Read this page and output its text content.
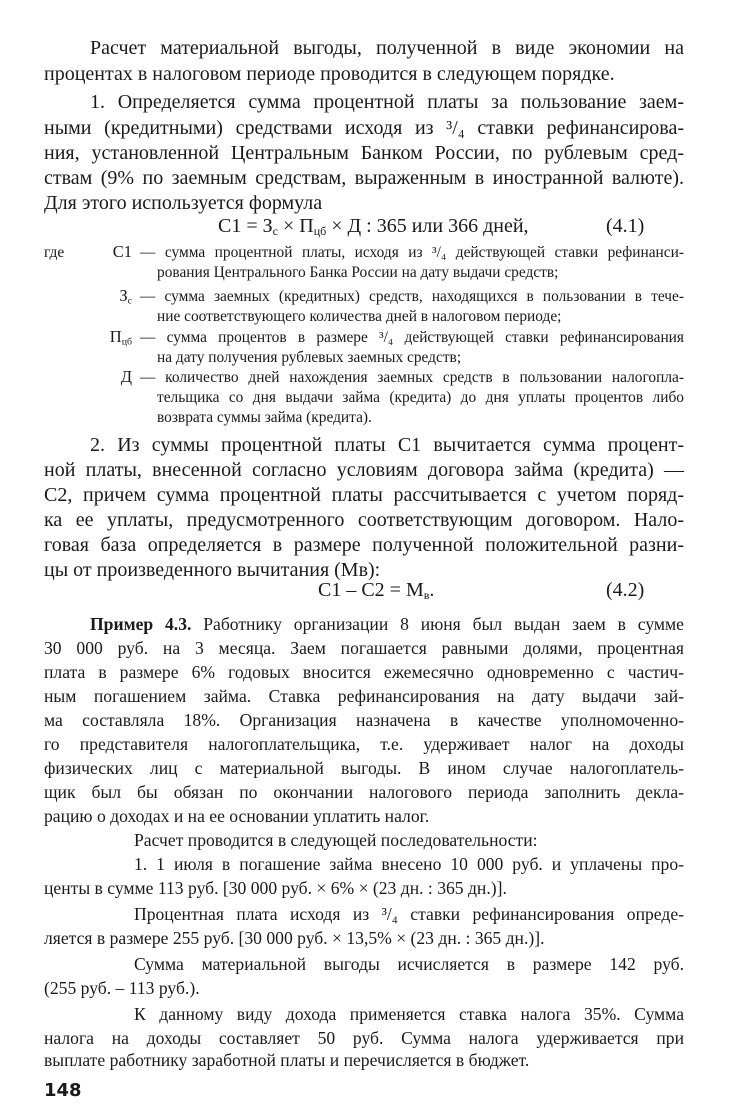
Расчет материальной выгоды, полученной в виде экономии на
процентах в налоговом периоде проводится в следующем порядке.
1. Определяется сумма процентной платы за пользование заем-
ными (кредитными) средствами исходя из ³/₄ ставки рефинансирова-
ния, установленной Центральным Банком России, по рублевым сред-
ствам (9% по заемным средствам, выраженным в иностранной валюте).
Для этого используется формула
$С1 = З_с \times П_{цб} \times Д$ : 365 или 366 дней,	(4.1)
где	С1 — сумма процентной платы, исходя из ³/₄ действующей ставки рефинанси-
рования Центрального Банка России на дату выдачи средств;
$З_с$ — сумма заемных (кредитных) средств, находящихся в пользовании в тече-
ние соответствующего количества дней в налоговом периоде;
$П_{цб}$ — сумма процентов в размере ³/₄ действующей ставки рефинансирования
на дату получения рублевых заемных средств;
Д — количество дней нахождения заемных средств в пользовании налогопла-
тельщика со дня выдачи займа (кредита) до дня уплаты процентов либо
возврата суммы займа (кредита).
2. Из суммы процентной платы С1 вычитается сумма процент-
ной платы, внесенной согласно условиям договора займа (кредита) —
С2, причем сумма процентной платы рассчитывается с учетом поряд-
ка ее уплаты, предусмотренного соответствующим договором. Нало-
говая база определяется в размере полученной положительной разни-
цы от произведенного вычитания (Мв):
$С1 - С2 = М_в$.	(4.2)
Пример 4.3. Работнику организации 8 июня был выдан заем в сумме
30 000 руб. на 3 месяца. Заем погашается равными долями, процентная
плата в размере 6% годовых вносится ежемесячно одновременно с частич-
ным погашением займа. Ставка рефинансирования на дату выдачи зай-
ма составляла 18%. Организация назначена в качестве уполномоченно-
го представителя налогоплательщика, т.е. удерживает налог на доходы
физических лиц с материальной выгоды. В ином случае налогоплатель-
щик был бы обязан по окончании налогового периода заполнить декла-
рацию о доходах и на ее основании уплатить налог.
Расчет проводится в следующей последовательности:
1. 1 июля в погашение займа внесено 10 000 руб. и уплачены про-
центы в сумме 113 руб. [30 000 руб. × 6% × (23 дн. : 365 дн.)].
Процентная плата исходя из ³/₄ ставки рефинансирования опреде-
ляется в размере 255 руб. [30 000 руб. × 13,5% × (23 дн. : 365 дн.)].
Сумма материальной выгоды исчисляется в размере 142 руб.
(255 руб. – 113 руб.).
К данному виду дохода применяется ставка налога 35%. Сумма
налога на доходы составляет 50 руб. Сумма налога удерживается при
выплате работнику заработной платы и перечисляется в бюджет.
148
